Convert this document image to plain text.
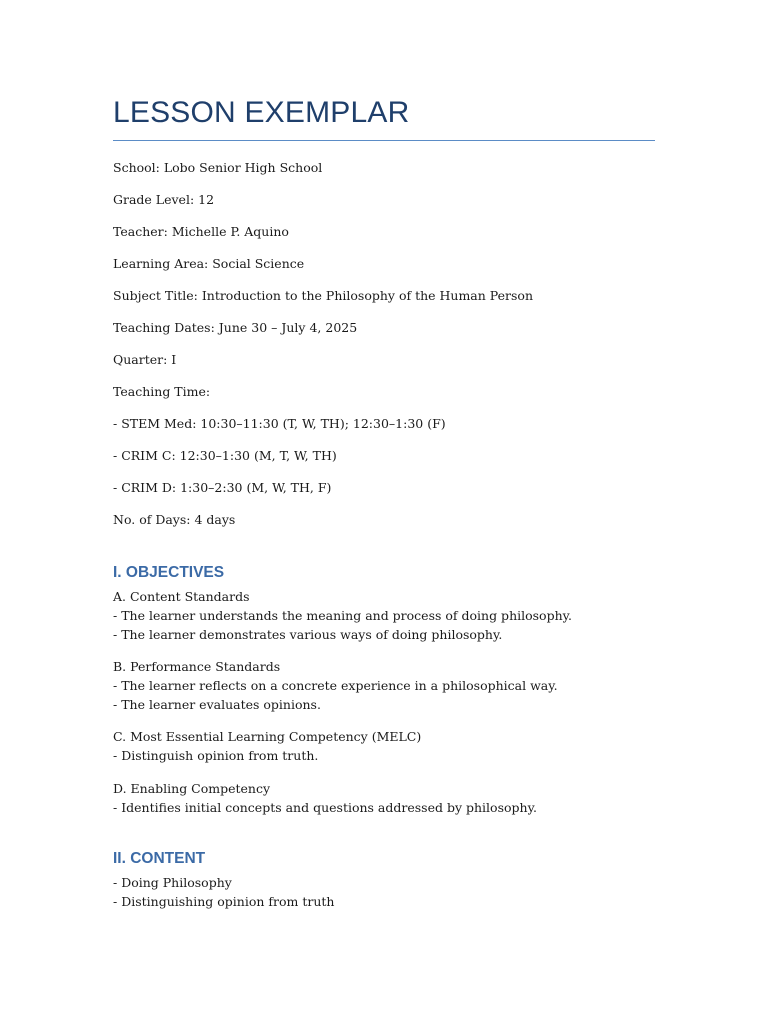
LESSON EXEMPLAR
School: Lobo Senior High School
Grade Level: 12
Teacher: Michelle P. Aquino
Learning Area: Social Science
Subject Title: Introduction to the Philosophy of the Human Person
Teaching Dates: June 30 – July 4, 2025
Quarter: I
Teaching Time:
- STEM Med: 10:30–11:30 (T, W, TH); 12:30–1:30 (F)
- CRIM C: 12:30–1:30 (M, T, W, TH)
- CRIM D: 1:30–2:30 (M, W, TH, F)
No. of Days: 4 days
I. OBJECTIVES
A. Content Standards
- The learner understands the meaning and process of doing philosophy.
- The learner demonstrates various ways of doing philosophy.
B. Performance Standards
- The learner reflects on a concrete experience in a philosophical way.
- The learner evaluates opinions.
C. Most Essential Learning Competency (MELC)
- Distinguish opinion from truth.
D. Enabling Competency
- Identifies initial concepts and questions addressed by philosophy.
II. CONTENT
- Doing Philosophy
- Distinguishing opinion from truth
